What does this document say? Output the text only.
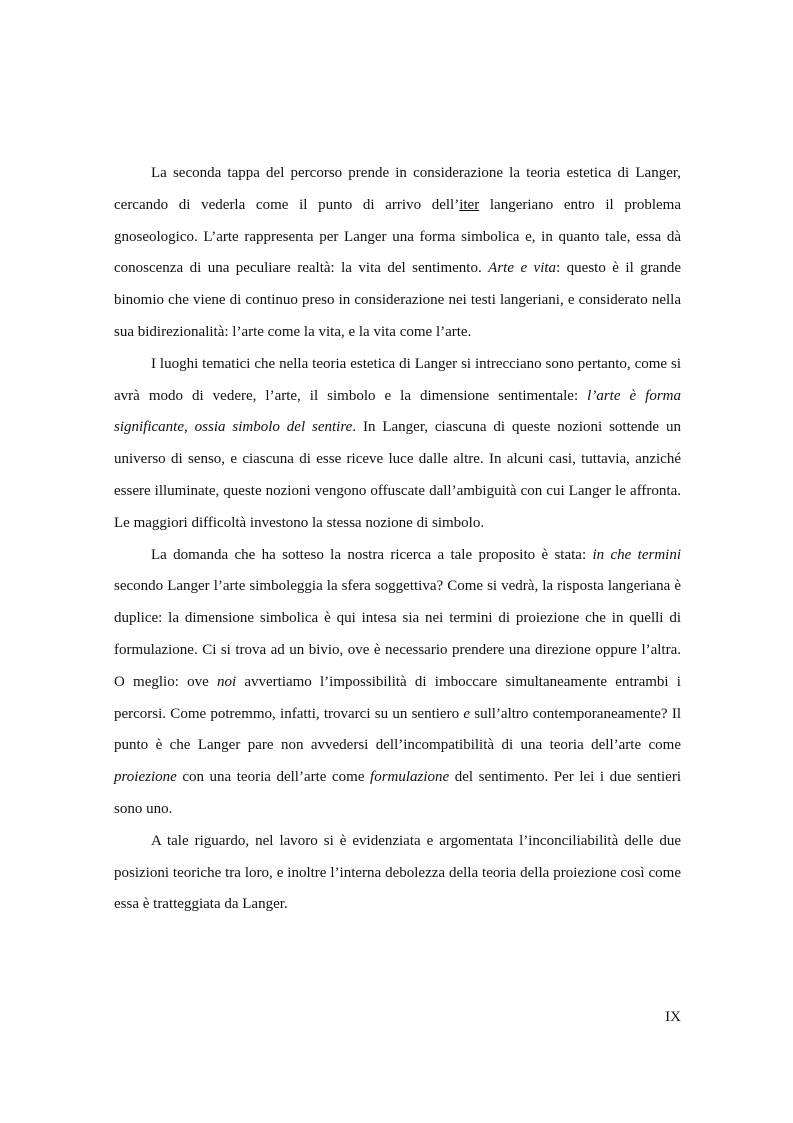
La seconda tappa del percorso prende in considerazione la teoria estetica di Langer, cercando di vederla come il punto di arrivo dell’iter langeriano entro il problema gnoseologico. L’arte rappresenta per Langer una forma simbolica e, in quanto tale, essa dà conoscenza di una peculiare realtà: la vita del sentimento. Arte e vita: questo è il grande binomio che viene di continuo preso in considerazione nei testi langeriani, e considerato nella sua bidirezionalità: l’arte come la vita, e la vita come l’arte.

I luoghi tematici che nella teoria estetica di Langer si intrecciano sono pertanto, come si avrà modo di vedere, l’arte, il simbolo e la dimensione sentimentale: l’arte è forma significante, ossia simbolo del sentire. In Langer, ciascuna di queste nozioni sottende un universo di senso, e ciascuna di esse riceve luce dalle altre. In alcuni casi, tuttavia, anziché essere illuminate, queste nozioni vengono offuscate dall’ambiguità con cui Langer le affronta. Le maggiori difficoltà investono la stessa nozione di simbolo.

La domanda che ha sotteso la nostra ricerca a tale proposito è stata: in che termini secondo Langer l’arte simboleggia la sfera soggettiva? Come si vedrà, la risposta langeriana è duplice: la dimensione simbolica è qui intesa sia nei termini di proiezione che in quelli di formulazione. Ci si trova ad un bivio, ove è necessario prendere una direzione oppure l’altra. O meglio: ove noi avvertiamo l’impossibilità di imboccare simultaneamente entrambi i percorsi. Come potremmo, infatti, trovarci su un sentiero e sull’altro contemporaneamente? Il punto è che Langer pare non avvedersi dell’incompatibilità di una teoria dell’arte come proiezione con una teoria dell’arte come formulazione del sentimento. Per lei i due sentieri sono uno.

A tale riguardo, nel lavoro si è evidenziata e argomentata l’inconciliabilità delle due posizioni teoriche tra loro, e inoltre l’interna debolezza della teoria della proiezione così come essa è tratteggiata da Langer.

IX
